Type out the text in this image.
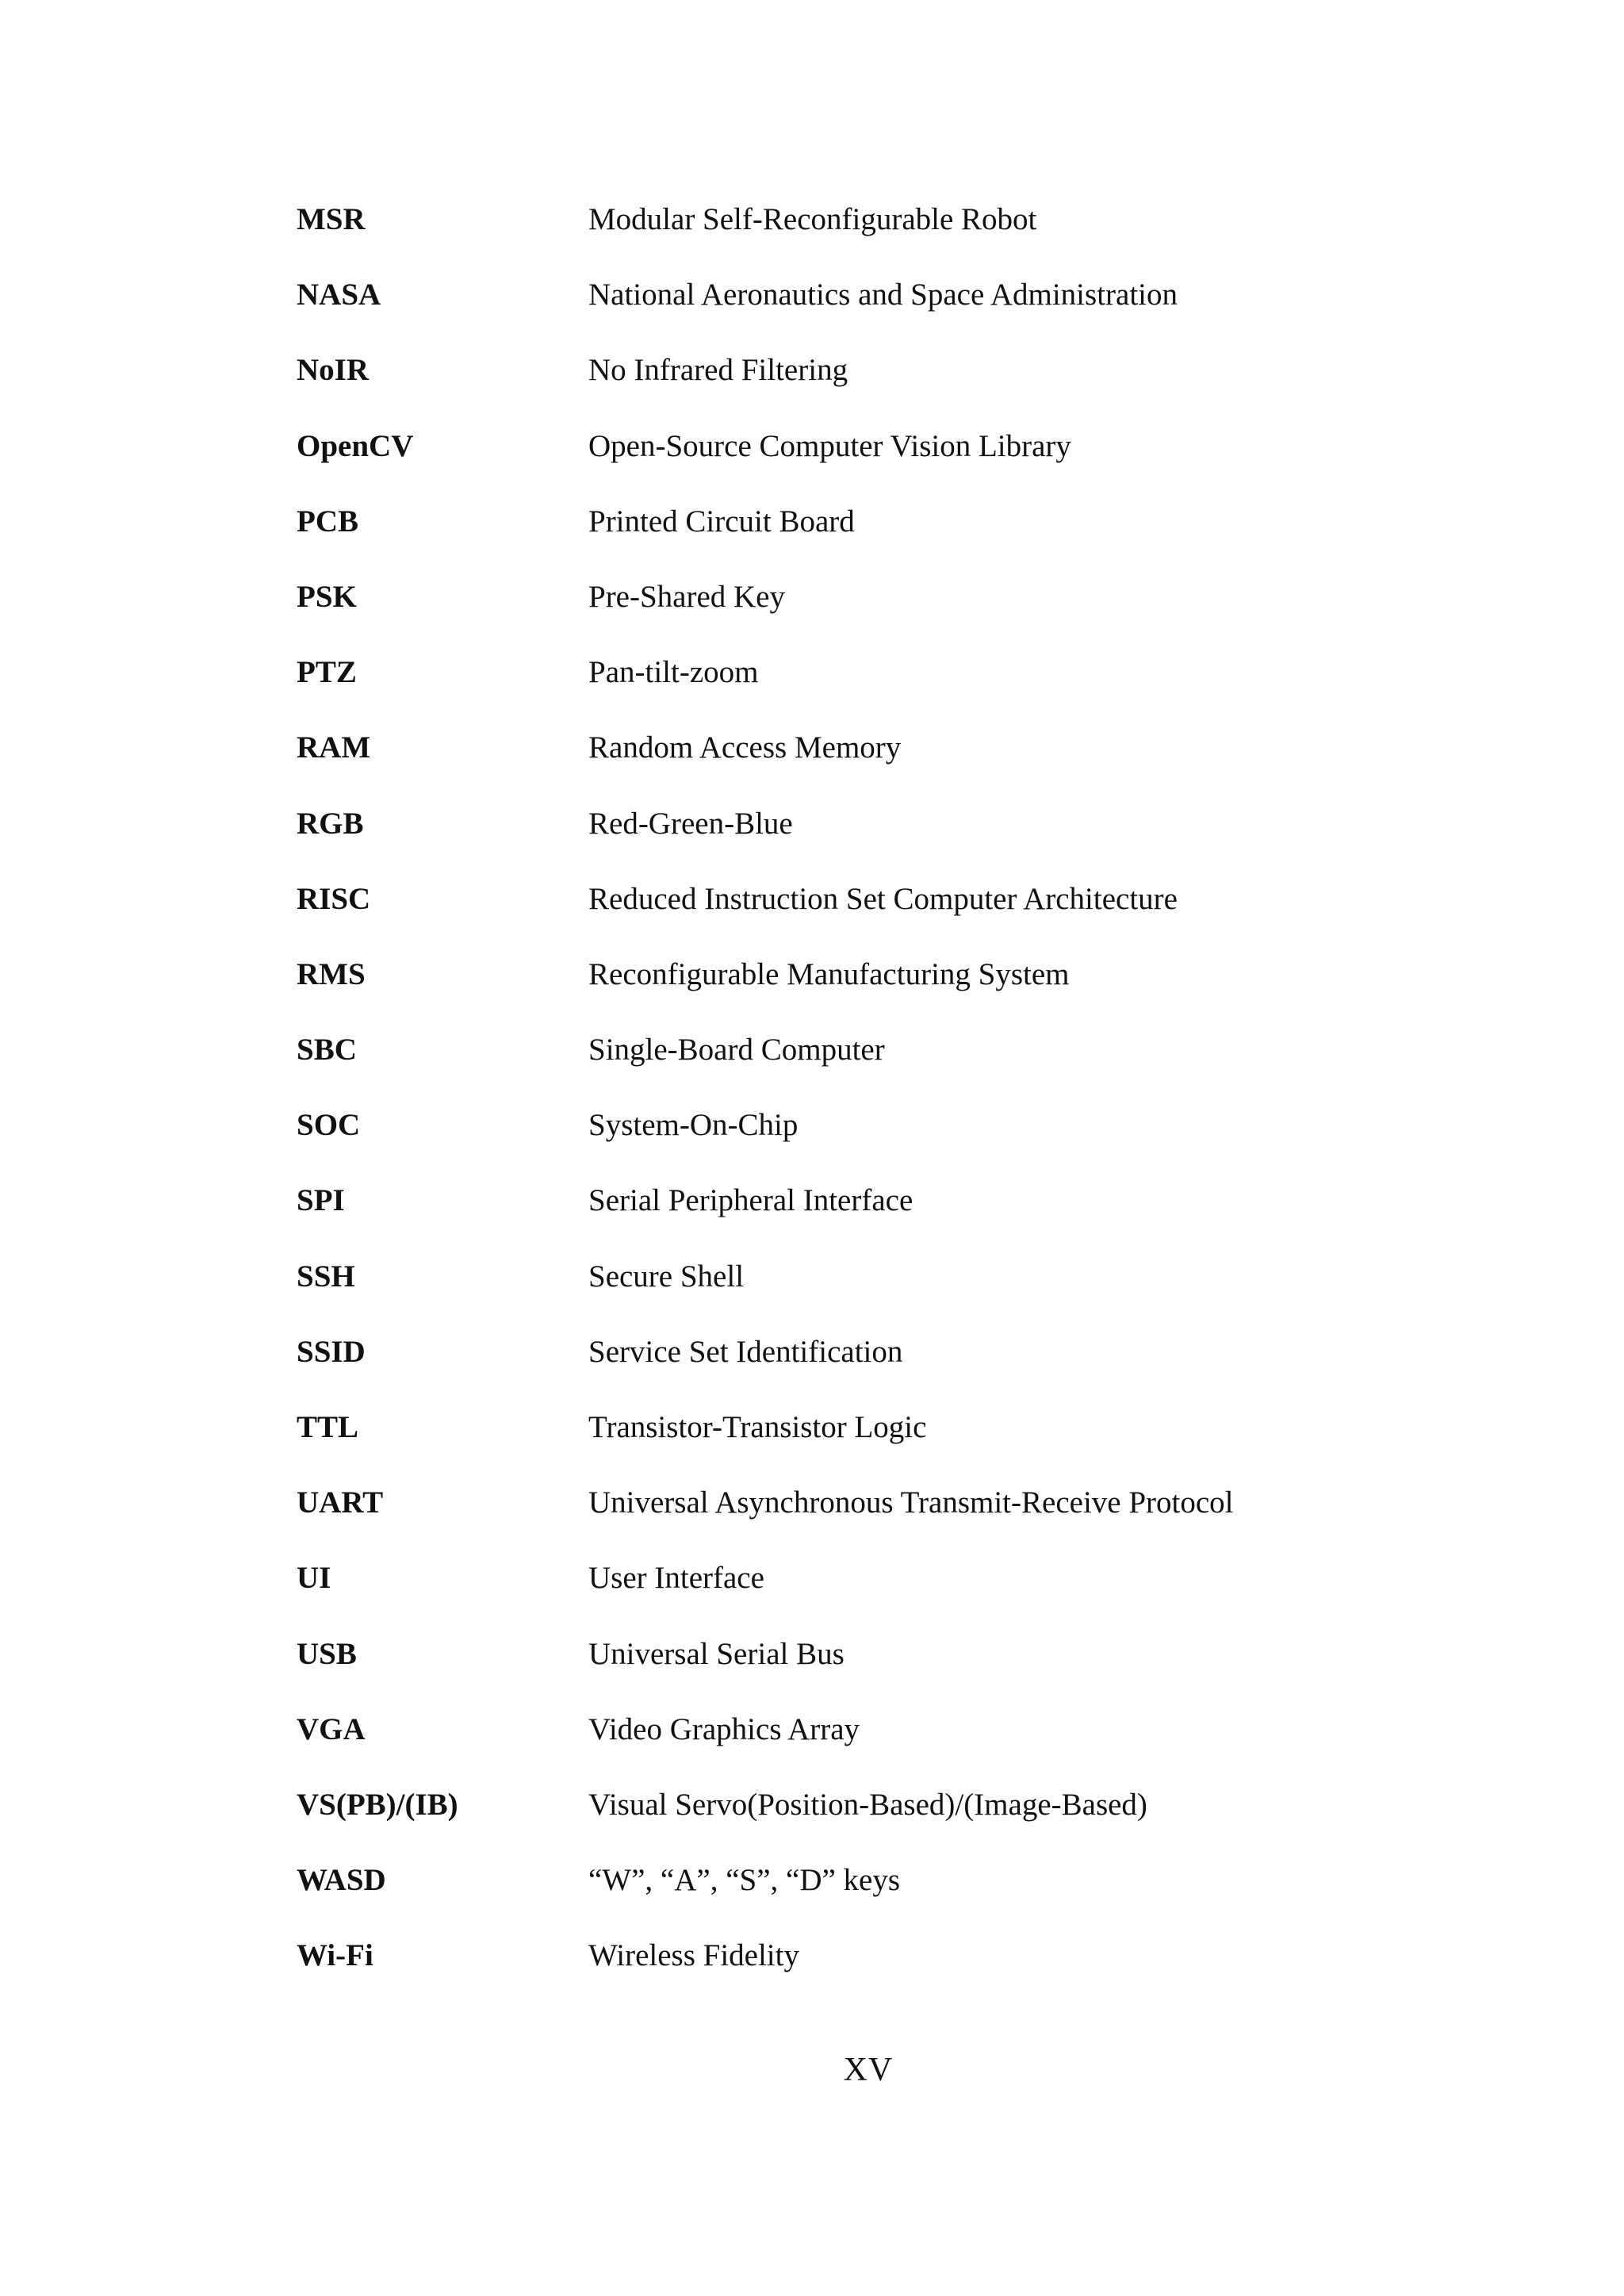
MSR	Modular Self-Reconfigurable Robot
NASA	National Aeronautics and Space Administration
NoIR	No Infrared Filtering
OpenCV	Open-Source Computer Vision Library
PCB	Printed Circuit Board
PSK	Pre-Shared Key
PTZ	Pan-tilt-zoom
RAM	Random Access Memory
RGB	Red-Green-Blue
RISC	Reduced Instruction Set Computer Architecture
RMS	Reconfigurable Manufacturing System
SBC	Single-Board Computer
SOC	System-On-Chip
SPI	Serial Peripheral Interface
SSH	Secure Shell
SSID	Service Set Identification
TTL	Transistor-Transistor Logic
UART	Universal Asynchronous Transmit-Receive Protocol
UI	User Interface
USB	Universal Serial Bus
VGA	Video Graphics Array
VS(PB)/(IB)	Visual Servo(Position-Based)/(Image-Based)
WASD	“W”, “A”, “S”, “D” keys
Wi-Fi	Wireless Fidelity
XV
